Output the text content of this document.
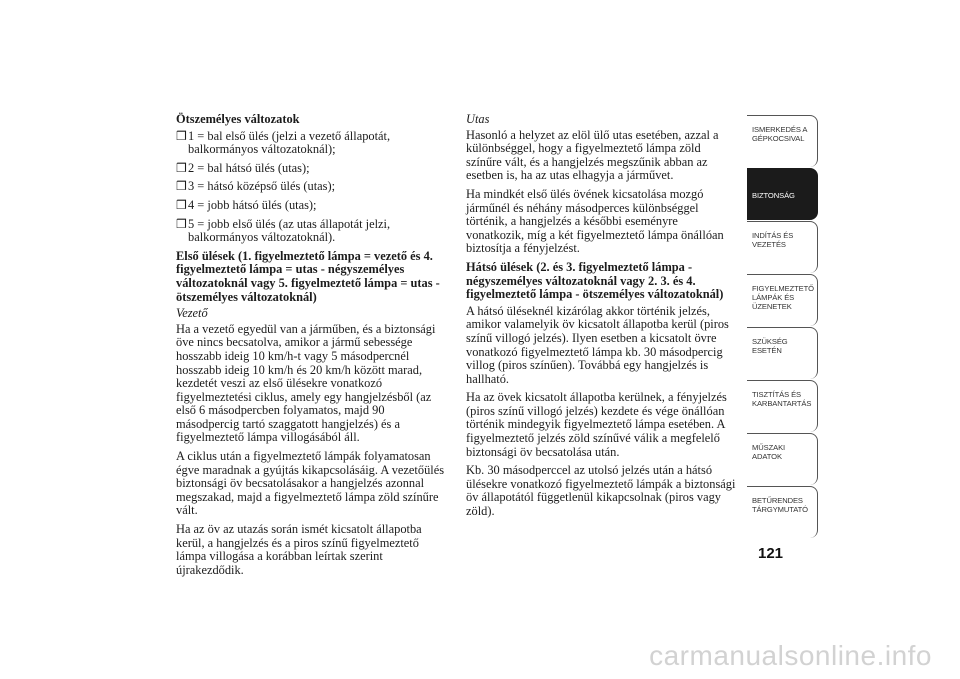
Ötszemélyes változatok
❒ 1 = bal első ülés (jelzi a vezető állapotát, balkormányos változatoknál);
❒ 2 = bal hátsó ülés (utas);
❒ 3 = hátsó középső ülés (utas);
❒ 4 = jobb hátsó ülés (utas);
❒ 5 = jobb első ülés (az utas állapotát jelzi, balkormányos változatoknál).
Első ülések (1. figyelmeztető lámpa = vezető és 4. figyelmeztető lámpa = utas - négyszemélyes változatoknál vagy 5. figyelmeztető lámpa = utas - ötszemélyes változatoknál)
Vezető

Ha a vezető egyedül van a járműben, és a biztonsági öve nincs becsatolva, amikor a jármű sebessége hosszabb ideig 10 km/h-t vagy 5 másodpercnél hosszabb ideig 10 km/h és 20 km/h között marad, kezdetét veszi az első ülésekre vonatkozó figyelmeztetési ciklus, amely egy hangjelzésből (az első 6 másodpercben folyamatos, majd 90 másodpercig tartó szaggatott hangjelzés) és a figyelmeztető lámpa villogásából áll.

A ciklus után a figyelmeztető lámpák folyamatosan égve maradnak a gyújtás kikapcsolásáig. A vezetőülés biztonsági öv becsatolásakor a hangjelzés azonnal megszakad, majd a figyelmeztető lámpa zöld színűre vált.

Ha az öv az utazás során ismét kicsatolt állapotba kerül, a hangjelzés és a piros színű figyelmeztető lámpa villogása a korábban leírtak szerint újrakezdődik.

Utas

Hasonló a helyzet az elöl ülő utas esetében, azzal a különbséggel, hogy a figyelmeztető lámpa zöld színűre vált, és a hangjelzés megszűnik abban az esetben is, ha az utas elhagyja a járművet.

Ha mindkét első ülés övének kicsatolása mozgó járműnél és néhány másodperces különbséggel történik, a hangjelzés a későbbi eseményre vonatkozik, míg a két figyelmeztető lámpa önállóan biztosítja a fényjelzést.

Hátsó ülések (2. és 3. figyelmeztető lámpa - négyszemélyes változatoknál vagy 2. 3. és 4. figyelmeztető lámpa - ötszemélyes változatoknál)

A hátsó üléseknél kizárólag akkor történik jelzés, amikor valamelyik öv kicsatolt állapotba kerül (piros színű villogó jelzés). Ilyen esetben a kicsatolt övre vonatkozó figyelmeztető lámpa kb. 30 másodpercig villog (piros színűen). Továbbá egy hangjelzés is hallható.

Ha az övek kicsatolt állapotba kerülnek, a fényjelzés (piros színű villogó jelzés) kezdete és vége önállóan történik mindegyik figyelmeztető lámpa esetében. A figyelmeztető jelzés zöld színűvé válik a megfelelő biztonsági öv becsatolása után.

Kb. 30 másodperccel az utolsó jelzés után a hátsó ülésekre vonatkozó figyelmeztető lámpák a biztonsági öv állapotától függetlenül kikapcsolnak (piros vagy zöld).

ISMERKEDÉS A GÉPKOCSIVAL
BIZTONSÁG
INDÍTÁS ÉS VEZETÉS
FIGYELMEZTETŐ LÁMPÁK ÉS ÜZENETEK
SZÜKSÉG ESETÉN
TISZTÍTÁS ÉS KARBANTARTÁS
MŰSZAKI ADATOK
BETŰRENDES TÁRGYMUTATÓ
121
carmanualsonline.info
